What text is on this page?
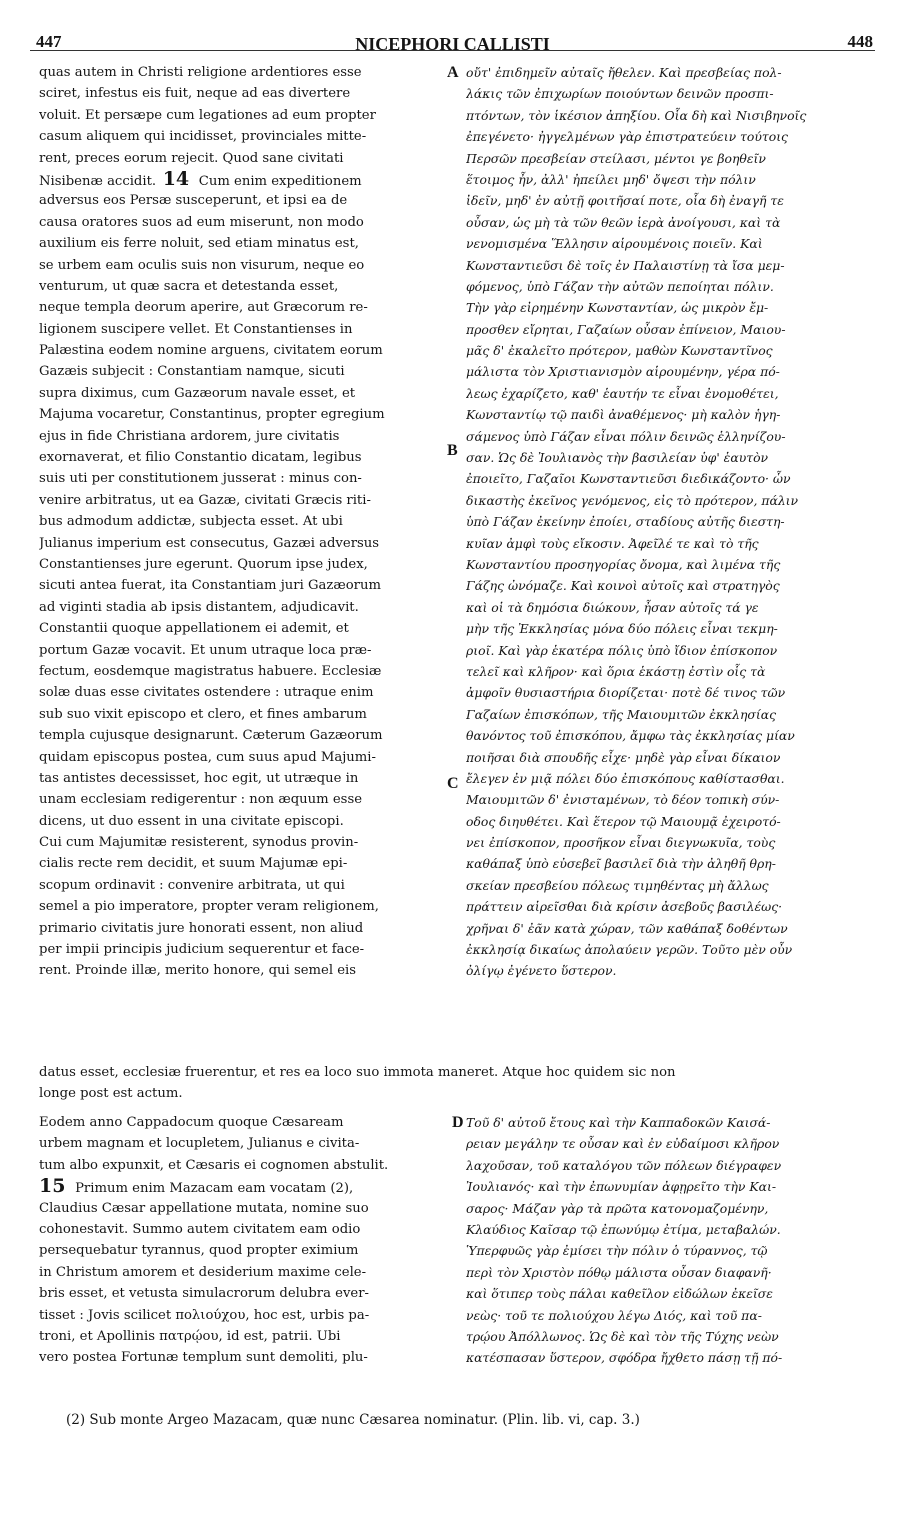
447	NICEPHORI CALLISTI	448
quas autem in Christi religione ardentiores esse
sciret, infestus eis fuit, neque ad eas divertere
voluit. Et persæpe cum legationes ad eum propter
casum aliquem qui incidisset, provinciales mitte-
rent, preces eorum rejecit. Quod sane civitati
Nisibenæ accidit. 14 Cum enim expeditionem
adversus eos Persæ susceperunt, et ipsi ea de
causa oratores suos ad eum miserunt, non modo
auxilium eis ferre noluit, sed etiam minatus est,
se urbem eam oculis suis non visurum, neque eo
venturum, ut quæ sacra et detestanda esset,
neque templa deorum aperire, aut Græcorum re-
ligionem suscipere vellet. Et Constantienses in
Palæstina eodem nomine arguens, civitatem eorum
Gazæis subjecit : Constantiam namque, sicuti
supra diximus, cum Gazæorum navale esset, et
Majuma vocaretur, Constantinus, propter egregium
ejus in fide Christiana ardorem, jure civitatis
exornaverat, et filio Constantio dicatam, legibus
suis uti per constitutionem jusserat : minus con-
venire arbitratus, ut ea Gazæ, civitati Græcis riti-
bus admodum addictæ, subjecta esset. At ubi
Julianus imperium est consecutus, Gazæi adversus
Constantienses jure egerunt. Quorum ipse judex,
sicuti antea fuerat, ita Constantiam juri Gazæorum
ad viginti stadia ab ipsis distantem, adjudicavit.
Constantii quoque appellationem ei ademit, et
portum Gazæ vocavit. Et unum utraque loca præ-
fectum, eosdemque magistratus habuere. Ecclesiæ
solæ duas esse civitates ostendere : utraque enim
sub suo vixit episcopo et clero, et fines ambarum
templa cujusque designarunt. Cæterum Gazæorum
quidam episcopus postea, cum suus apud Majumi-
tas antistes decessisset, hoc egit, ut utræque in
unam ecclesiam redigerentur : non æquum esse
dicens, ut duo essent in una civitate episcopi.
Cui cum Majumitæ resisterent, synodus provin-
cialis recte rem decidit, et suum Majumæ epi-
scopum ordinavit : convenire arbitrata, ut qui
semel a pio imperatore, propter veram religionem,
primario civitatis jure honorati essent, non aliud
per impii principis judicium sequerentur et face-
rent. Proinde illæ, merito honore, qui semel eis
οὔτ' ἐπιδημεῖν αὐταῖς ἤθελεν. Καὶ πρεσβείας πολ-
λάκις τῶν ἐπιχωρίων ποιούντων δεινῶν προσπι-
πτόντων, τὸν ἱκέσιον ἀπηξίου. Οἷα δὴ καὶ Νισιβηνοῖς
ἐπεγένετο· ἠγγελμένων γὰρ ἐπιστρατεύειν τούτοις
Περσῶν πρεσβείαν στείλασι, μέντοι γε βοηθεῖν
ἕτοιμος ἦν, ἀλλ' ἠπείλει μηδ' ὄψεσι τὴν πόλιν
ἰδεῖν, μηδ' ἐν αὐτῇ φοιτῆσαί ποτε, οἷα δὴ ἐναγῆ τε
οὖσαν, ὡς μὴ τὰ τῶν θεῶν ἱερὰ ἀνοίγουσι, καὶ τὰ
νενομισμένα Ἕλλησιν αἱρουμένοις ποιεῖν. Καὶ
Κωνσταντιεῦσι δὲ τοῖς ἐν Παλαιστίνῃ τὰ ἴσα μεμ-
φόμενος, ὑπὸ Γάζαν τὴν αὐτῶν πεποίηται πόλιν.
Τὴν γὰρ εἰρημένην Κωνσταντίαν, ὡς μικρὸν ἔμ-
προσθεν εἴρηται, Γαζαίων οὖσαν ἐπίνειον, Μαιου-
μᾶς δ' ἐκαλεῖτο πρότερον, μαθὼν Κωνσταντῖνος
μάλιστα τὸν Χριστιανισμὸν αἱρουμένην, γέρα πό-
λεως ἐχαρίζετο, καθ' ἑαυτήν τε εἶναι ἐνομοθέτει,
Κωνσταντίῳ τῷ παιδὶ ἀναθέμενος· μὴ καλὸν ἡγη-
σάμενος ὑπὸ Γάζαν εἶναι πόλιν δεινῶς ἑλληνίζου-
σαν. Ὡς δὲ Ἰουλιανὸς τὴν βασιλείαν ὑφ' ἑαυτὸν
ἐποιεῖτο, Γαζαῖοι Κωνσταντιεῦσι διεδικάζοντο· ὧν
δικαστὴς ἐκεῖνος γενόμενος, εἰς τὸ πρότερον, πάλιν
ὑπὸ Γάζαν ἐκείνην ἐποίει, σταδίους αὐτῆς διεστη-
κυῖαν ἀμφὶ τοὺς εἴκοσιν. Ἀφεῖλέ τε καὶ τὸ τῆς
Κωνσταντίου προσηγορίας ὄνομα, καὶ λιμένα τῆς
Γάζης ὠνόμαζε. Καὶ κοινοὶ αὐτοῖς καὶ στρατηγὸς
καὶ οἱ τὰ δημόσια διώκουν, ἦσαν αὐτοῖς τά γε
μὴν τῆς Ἐκκλησίας μόνα δύο πόλεις εἶναι τεκμη-
ριοῖ. Καὶ γὰρ ἑκατέρα πόλις ὑπὸ ἴδιον ἐπίσκοπον
τελεῖ καὶ κλῆρον· καὶ ὅρια ἑκάστῃ ἐστὶν οἷς τὰ
ἀμφοῖν θυσιαστήρια διορίζεται· ποτὲ δέ τινος τῶν
Γαζαίων ἐπισκόπων, τῆς Μαιουμιτῶν ἐκκλησίας
θανόντος τοῦ ἐπισκόπου, ἄμφω τὰς ἐκκλησίας μίαν
ποιῆσαι διὰ σπουδῆς εἶχε· μηδὲ γὰρ εἶναι δίκαιον
ἔλεγεν ἐν μιᾷ πόλει δύο ἐπισκόπους καθίστασθαι.
Μαιουμιτῶν δ' ἐνισταμένων, τὸ δέον τοπικὴ σύν-
οδος διηυθέτει. Καὶ ἕτερον τῷ Μαιουμᾷ ἐχειροτό-
νει ἐπίσκοπον, προσῆκον εἶναι διεγνωκυῖα, τοὺς
καθάπαξ ὑπὸ εὐσεβεῖ βασιλεῖ διὰ τὴν ἀληθῆ θρη-
σκείαν πρεσβείου πόλεως τιμηθέντας μὴ ἄλλως
πράττειν αἱρεῖσθαι διὰ κρίσιν ἀσεβοῦς βασιλέως·
χρῆναι δ' ἐᾶν κατὰ χώραν, τῶν καθάπαξ δοθέντων
ἐκκλησίᾳ δικαίως ἀπολαύειν γερῶν. Τοῦτο μὲν οὖν
ὀλίγῳ ἐγένετο ὕστερον.
A
B
C
D
datus esset, ecclesiæ fruerentur, et res ea loco suo immota maneret. Atque hoc quidem sic non
longe post est actum.
Eodem anno Cappadocum quoque Cæsaream
urbem magnam et locupletem, Julianus e civita-
tum albo expunxit, et Cæsaris ei cognomen abstulit.
15 Primum enim Mazacam eam vocatam (2),
Claudius Cæsar appellatione mutata, nomine suo
cohonestavit. Summo autem civitatem eam odio
persequebatur tyrannus, quod propter eximium
in Christum amorem et desiderium maxime cele-
bris esset, et vetusta simulacrorum delubra ever-
tisset : Jovis scilicet πολιούχου, hoc est, urbis pa-
troni, et Apollinis πατρῴου, id est, patrii. Ubi
vero postea Fortunæ templum sunt demoliti, plu-
Τοῦ δ' αὐτοῦ ἔτους καὶ τὴν Καππαδοκῶν Καισά-
ρειαν μεγάλην τε οὖσαν καὶ ἐν εὐδαίμοσι κλῆρον
λαχοῦσαν, τοῦ καταλόγου τῶν πόλεων διέγραφεν
Ἰουλιανός· καὶ τὴν ἐπωνυμίαν ἀφῃρεῖτο τὴν Και-
σαρος· Μάζαν γὰρ τὰ πρῶτα κατονομαζομένην,
Κλαύδιος Καῖσαρ τῷ ἐπωνύμῳ ἐτίμα, μεταβαλών.
Ὑπερφυῶς γὰρ ἐμίσει τὴν πόλιν ὁ τύραννος, τῷ
περὶ τὸν Χριστὸν πόθῳ μάλιστα οὖσαν διαφανῆ·
καὶ ὅτιπερ τοὺς πάλαι καθεῖλον εἰδώλων ἐκεῖσε
νεὼς· τοῦ τε πολιούχου λέγω Διός, καὶ τοῦ πα-
τρῴου Ἀπόλλωνος. Ὡς δὲ καὶ τὸν τῆς Τύχης νεὼν
κατέσπασαν ὕστερον, σφόδρα ἤχθετο πάσῃ τῇ πό-
(2) Sub monte Argeo Mazacam, quæ nunc Cæsarea nominatur. (Plin. lib. vi, cap. 3.)
